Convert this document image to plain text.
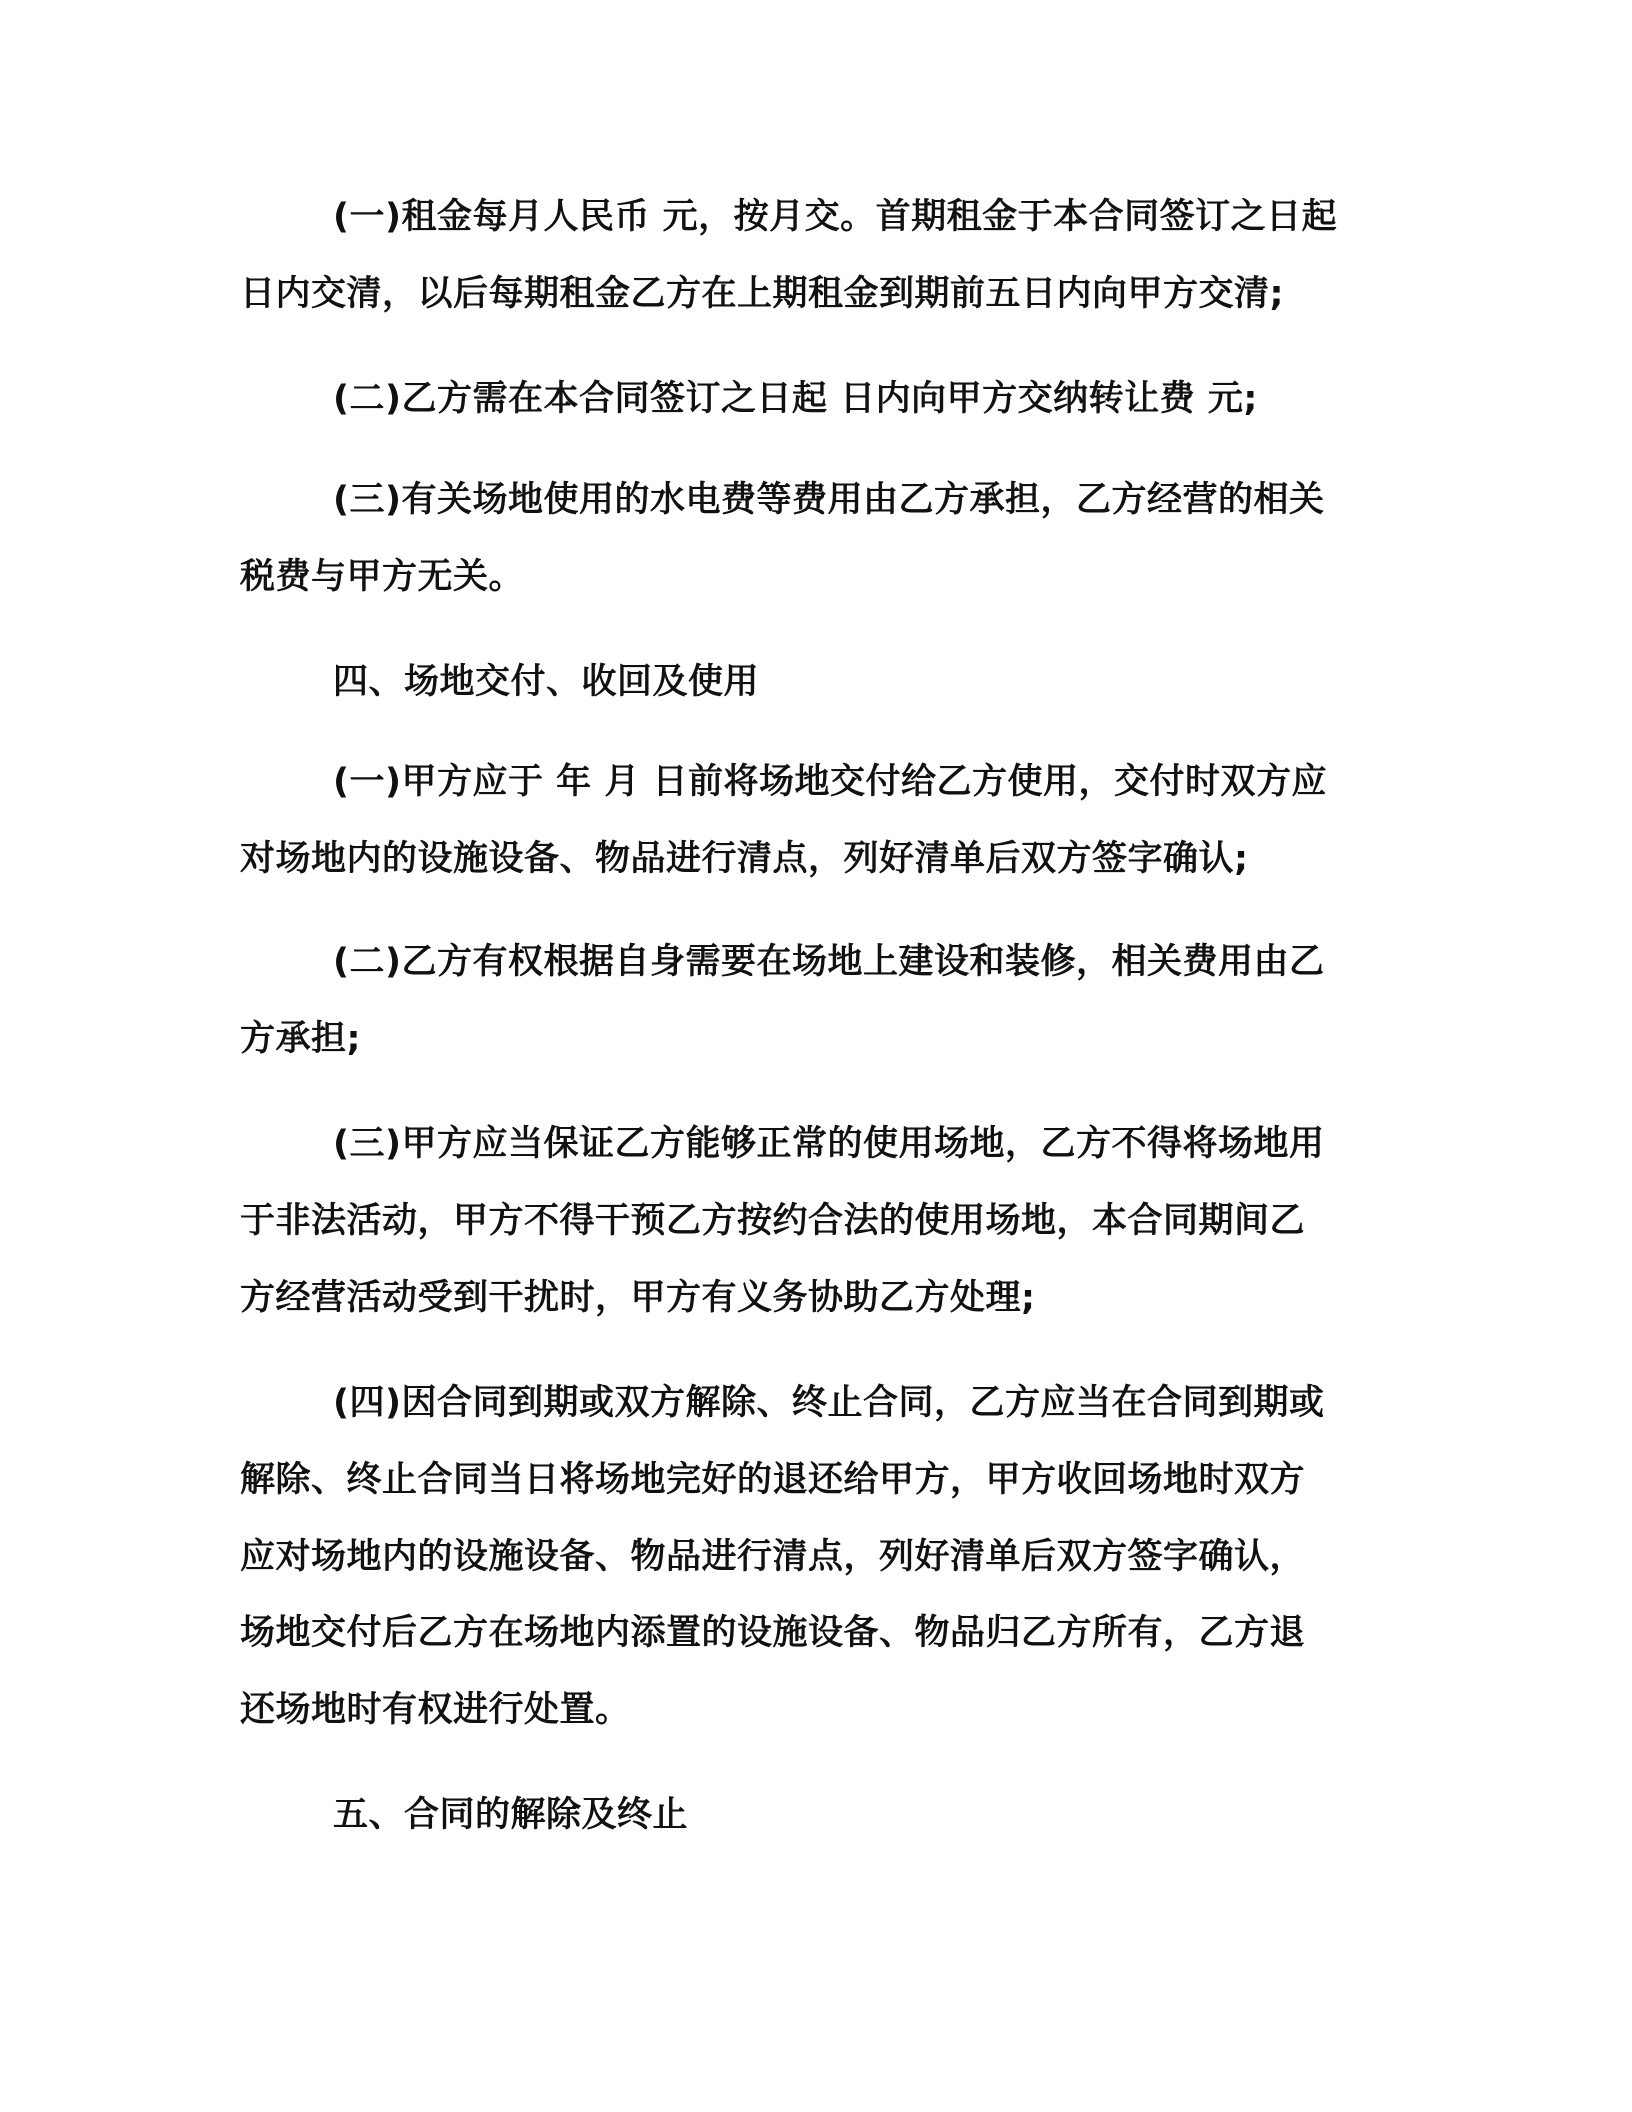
(一)租金每月人民币 元，按月交。首期租金于本合同签订之日起
日内交清，以后每期租金乙方在上期租金到期前五日内向甲方交清;
(二)乙方需在本合同签订之日起 日内向甲方交纳转让费 元;
(三)有关场地使用的水电费等费用由乙方承担，乙方经营的相关
税费与甲方无关。
四、场地交付、收回及使用
(一)甲方应于 年 月 日前将场地交付给乙方使用，交付时双方应
对场地内的设施设备、物品进行清点，列好清单后双方签字确认;
(二)乙方有权根据自身需要在场地上建设和装修，相关费用由乙
方承担;
(三)甲方应当保证乙方能够正常的使用场地，乙方不得将场地用
于非法活动，甲方不得干预乙方按约合法的使用场地，本合同期间乙
方经营活动受到干扰时，甲方有义务协助乙方处理;
(四)因合同到期或双方解除、终止合同，乙方应当在合同到期或
解除、终止合同当日将场地完好的退还给甲方，甲方收回场地时双方
应对场地内的设施设备、物品进行清点，列好清单后双方签字确认，
场地交付后乙方在场地内添置的设施设备、物品归乙方所有，乙方退
还场地时有权进行处置。
五、合同的解除及终止
